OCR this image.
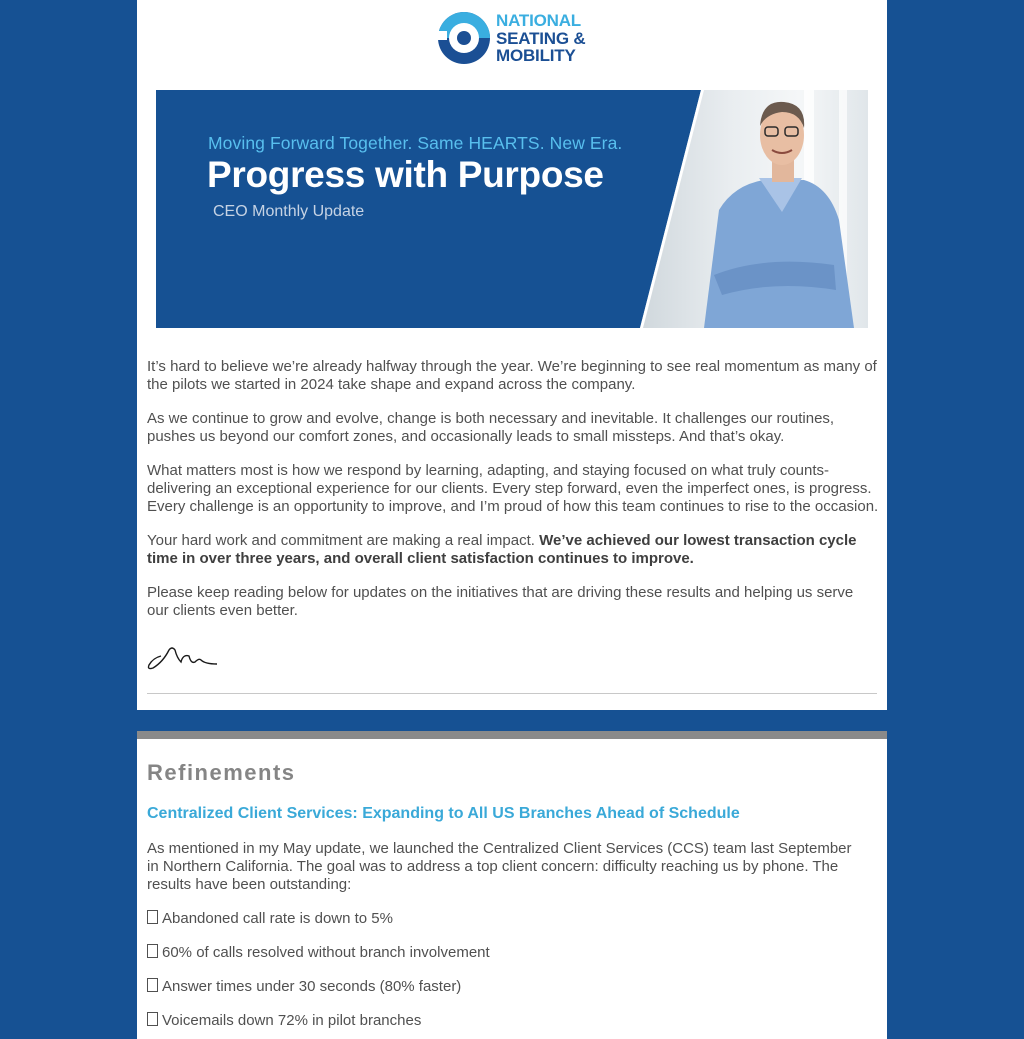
NATIONAL
SEATING &
MOBILITY
Moving Forward Together. Same HEARTS. New Era.
Progress with Purpose
CEO Monthly Update

It’s hard to believe we’re already halfway through the year. We’re beginning to see real momentum as many of the pilots we started in 2024 take shape and expand across the company.

As we continue to grow and evolve, change is both necessary and inevitable. It challenges our routines, pushes us beyond our comfort zones, and occasionally leads to small missteps. And that’s okay.

What matters most is how we respond by learning, adapting, and staying focused on what truly counts-delivering an exceptional experience for our clients. Every step forward, even the imperfect ones, is progress. Every challenge is an opportunity to improve, and I’m proud of how this team continues to rise to the occasion.

Your hard work and commitment are making a real impact. We’ve achieved our lowest transaction cycle time in over three years, and overall client satisfaction continues to improve.

Please keep reading below for updates on the initiatives that are driving these results and helping us serve our clients even better.

Refinements
Centralized Client Services: Expanding to All US Branches Ahead of Schedule

As mentioned in my May update, we launched the Centralized Client Services (CCS) team last September in Northern California. The goal was to address a top client concern: difficulty reaching us by phone. The results have been outstanding:

Abandoned call rate is down to 5%

60% of calls resolved without branch involvement

Answer times under 30 seconds (80% faster)

Voicemails down 72% in pilot branches
